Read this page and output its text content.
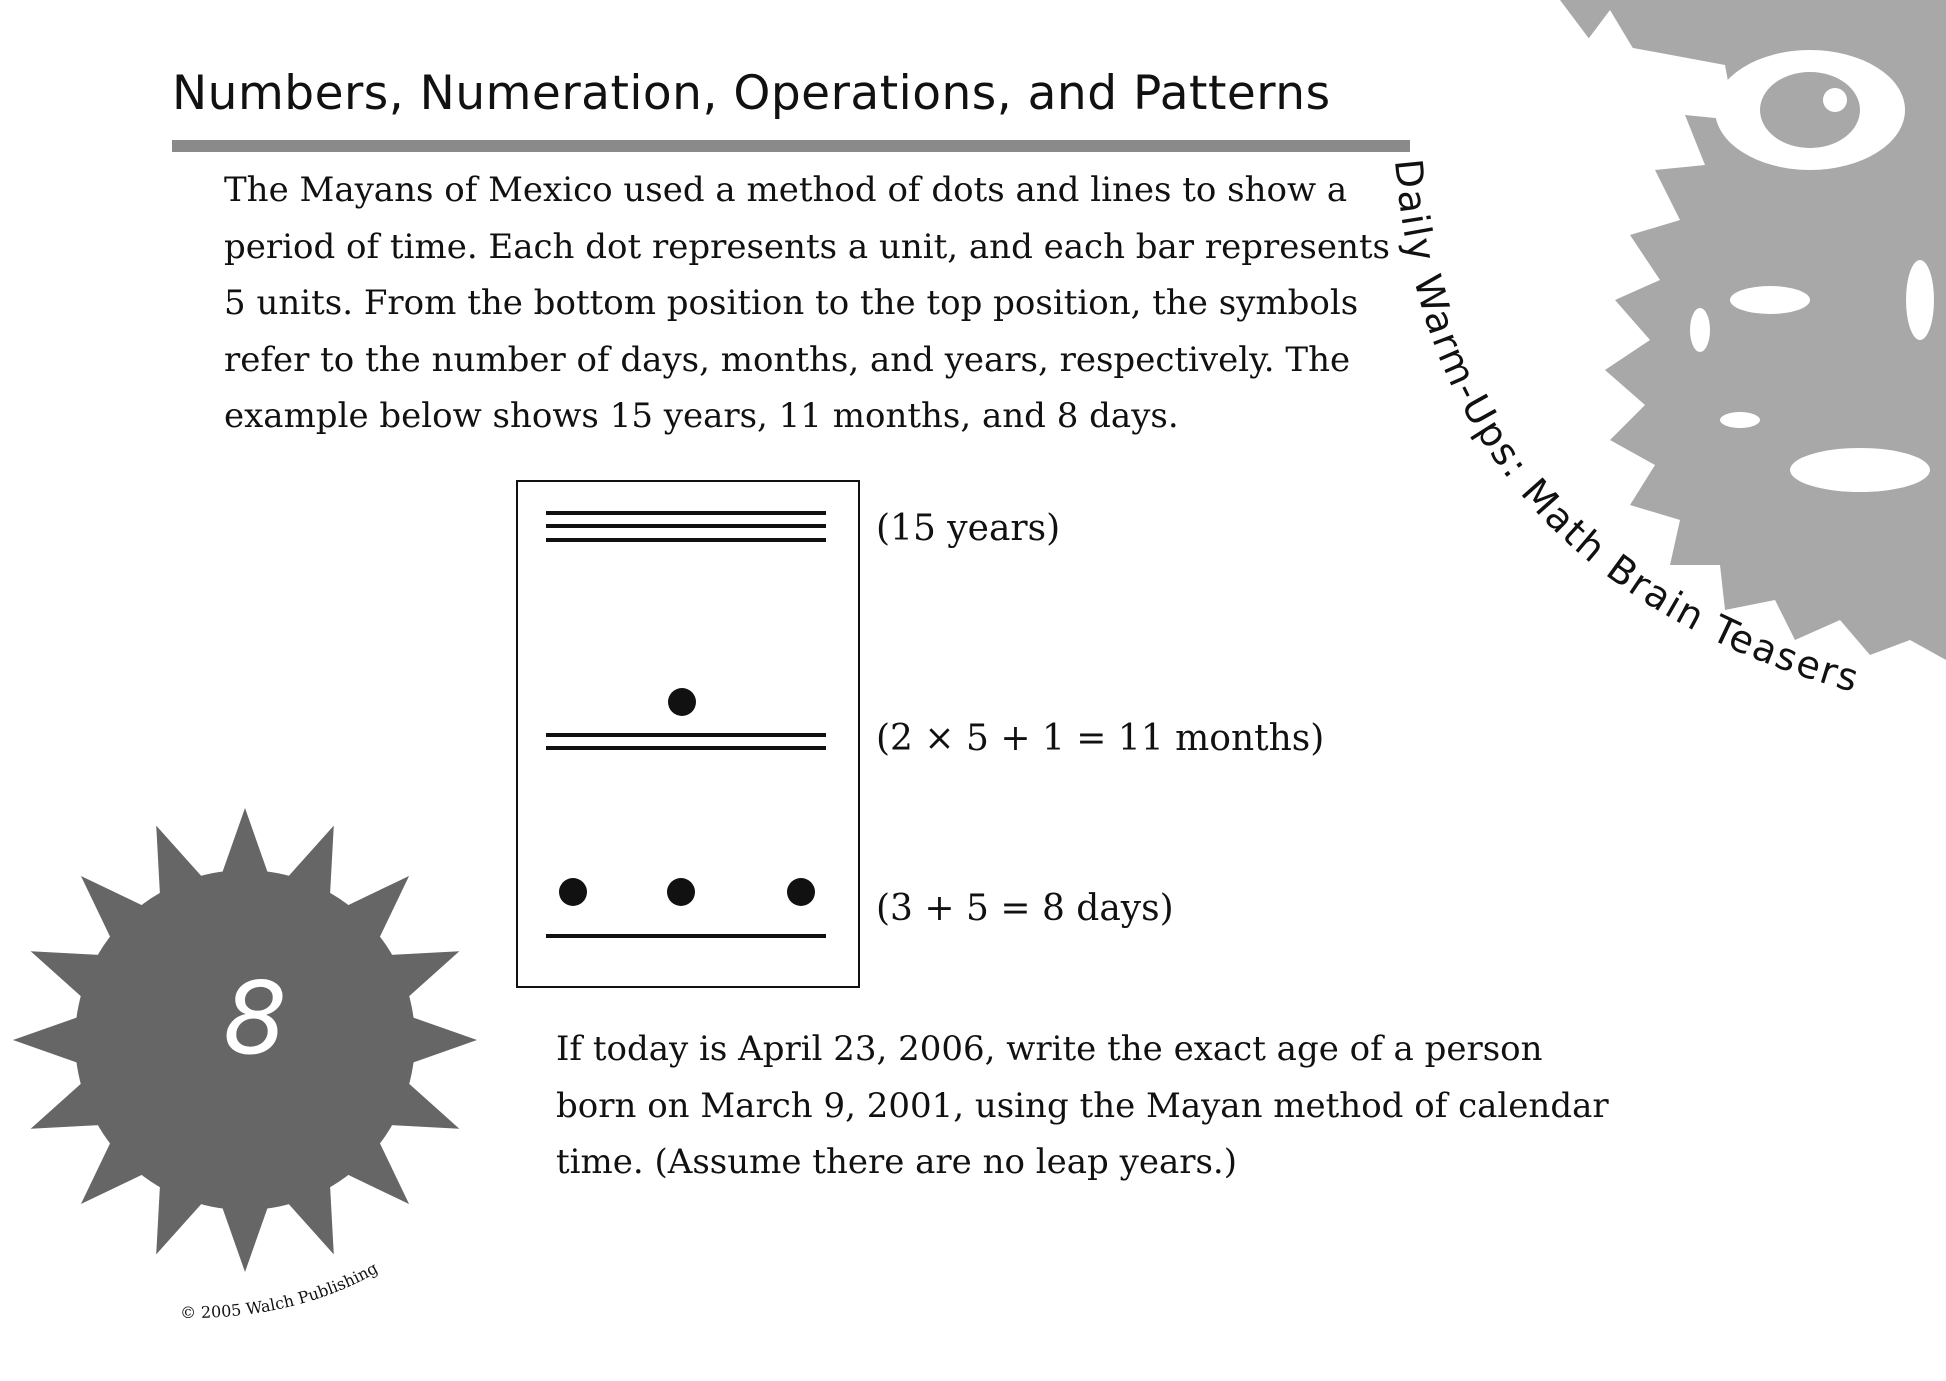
Numbers, Numeration, Operations, and Patterns

The Mayans of Mexico used a method of dots and lines to show a
period of time. Each dot represents a unit, and each bar represents
5 units. From the bottom position to the top position, the symbols
refer to the number of days, months, and years, respectively. The
example below shows 15 years, 11 months, and 8 days.

(15 years)
(2 × 5 + 1 = 11 months)
(3 + 5 = 8 days)

If today is April 23, 2006, write the exact age of a person
born on March 9, 2001, using the Mayan method of calendar
time. (Assume there are no leap years.)

8
Daily Warm-Ups: Math Brain Teasers
© 2005 Walch Publishing
